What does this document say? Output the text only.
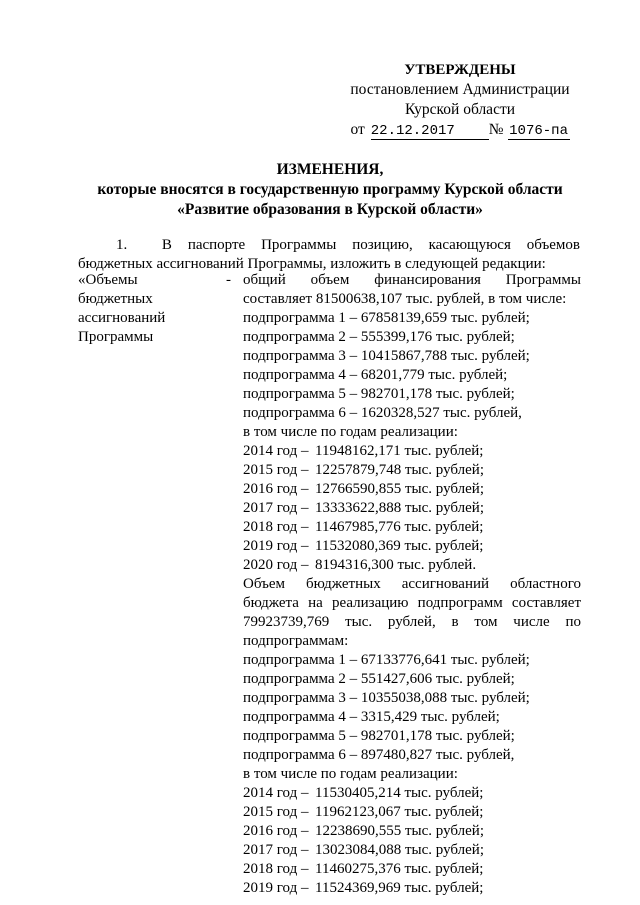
УТВЕРЖДЕНЫ
постановлением Администрации
Курской области
от 22.12.2017	№ 1076-па
ИЗМЕНЕНИЯ,
которые вносятся в государственную программу Курской области
«Развитие образования в Курской области»
1. В паспорте Программы позицию, касающуюся объемов бюджетных ассигнований Программы, изложить в следующей редакции:
«Объемы
бюджетных
ассигнований
Программы
- общий объем финансирования Программы
составляет 81500638,107 тыс. рублей, в том числе:
подпрограмма 1 – 67858139,659 тыс. рублей;
подпрограмма 2 – 555399,176 тыс. рублей;
подпрограмма 3 – 10415867,788 тыс. рублей;
подпрограмма 4 – 68201,779 тыс. рублей;
подпрограмма 5 – 982701,178 тыс. рублей;
подпрограмма 6 – 1620328,527 тыс. рублей,
в том числе по годам реализации:
2014 год – 11948162,171 тыс. рублей;
2015 год – 12257879,748 тыс. рублей;
2016 год – 12766590,855 тыс. рублей;
2017 год – 13333622,888 тыс. рублей;
2018 год – 11467985,776 тыс. рублей;
2019 год – 11532080,369 тыс. рублей;
2020 год – 8194316,300 тыс. рублей.
Объем бюджетных ассигнований областного
бюджета на реализацию подпрограмм составляет
79923739,769 тыс. рублей, в том числе по
подпрограммам:
подпрограмма 1 – 67133776,641 тыс. рублей;
подпрограмма 2 – 551427,606 тыс. рублей;
подпрограмма 3 – 10355038,088 тыс. рублей;
подпрограмма 4 – 3315,429 тыс. рублей;
подпрограмма 5 – 982701,178 тыс. рублей;
подпрограмма 6 – 897480,827 тыс. рублей,
в том числе по годам реализации:
2014 год – 11530405,214 тыс. рублей;
2015 год – 11962123,067 тыс. рублей;
2016 год – 12238690,555 тыс. рублей;
2017 год – 13023084,088 тыс. рублей;
2018 год – 11460275,376 тыс. рублей;
2019 год – 11524369,969 тыс. рублей;
